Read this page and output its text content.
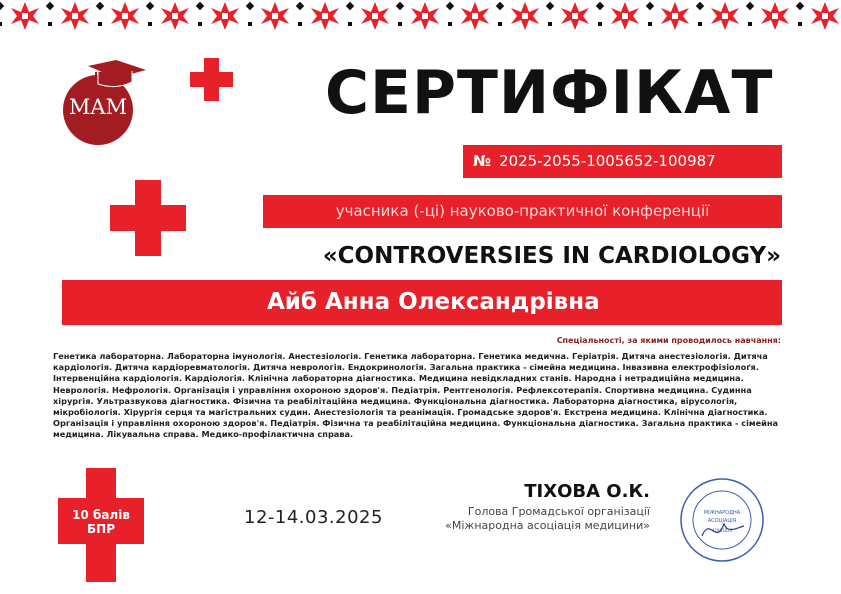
MAM	СЕРТИФІКАТ
№ 2025-2055-1005652-100987
учасника (-ці) науково-практичної конференції
«CONTROVERSIES IN CARDIOLOGY»
Айб Анна Олександрівна
Спеціальності, за якими проводилось навчання:
Генетика лабораторна. Лабораторна імунологія. Анестезіологія. Генетика лабораторна. Генетика медична. Геріатрія. Дитяча анестезіологія. Дитяча кардіологія. Дитяча кардіоревматологія. Дитяча неврологія. Ендокринологія. Загальна практика - сімейна медицина. Інвазивна електрофізіолоґя. Інтервенційна кардіологія. Кардіологія. Клінічна лабораторна діагностика. Медицина невідкладних станів. Народна і нетрадиційна медицина. Неврологія. Нефрологія. Організація і управління охороною здоров'я. Педіатрія. Рентгенологія. Рефлексотерапія. Спортивна медицина. Судинна хірургія. Ультразвукова діагностика. Фізична та реабілітаційна медицина. Функціональна діагностика. Лабораторна діагностика, вірусологія, мікробіологія. Хірургія серця та магістральних судин. Анестезіологія та реанімація. Громадське здоров'я. Екстрена медицина. Клінічна діагностика. Організація і управління охороною здоров'я. Педіатрія. Фізична та реабілітаційна медицина. Функціональна діагностика. Загальна практика - сімейна медицина. Лікувальна справа. Медико-профілактична справа.
10 балів БПР
12-14.03.2025
ТІХОВА О.К.
Голова Громадської організації
«Міжнародна асоціація медицини»
МІЖНАРОДНА
АСОЦІАЦІЯ
42091823
